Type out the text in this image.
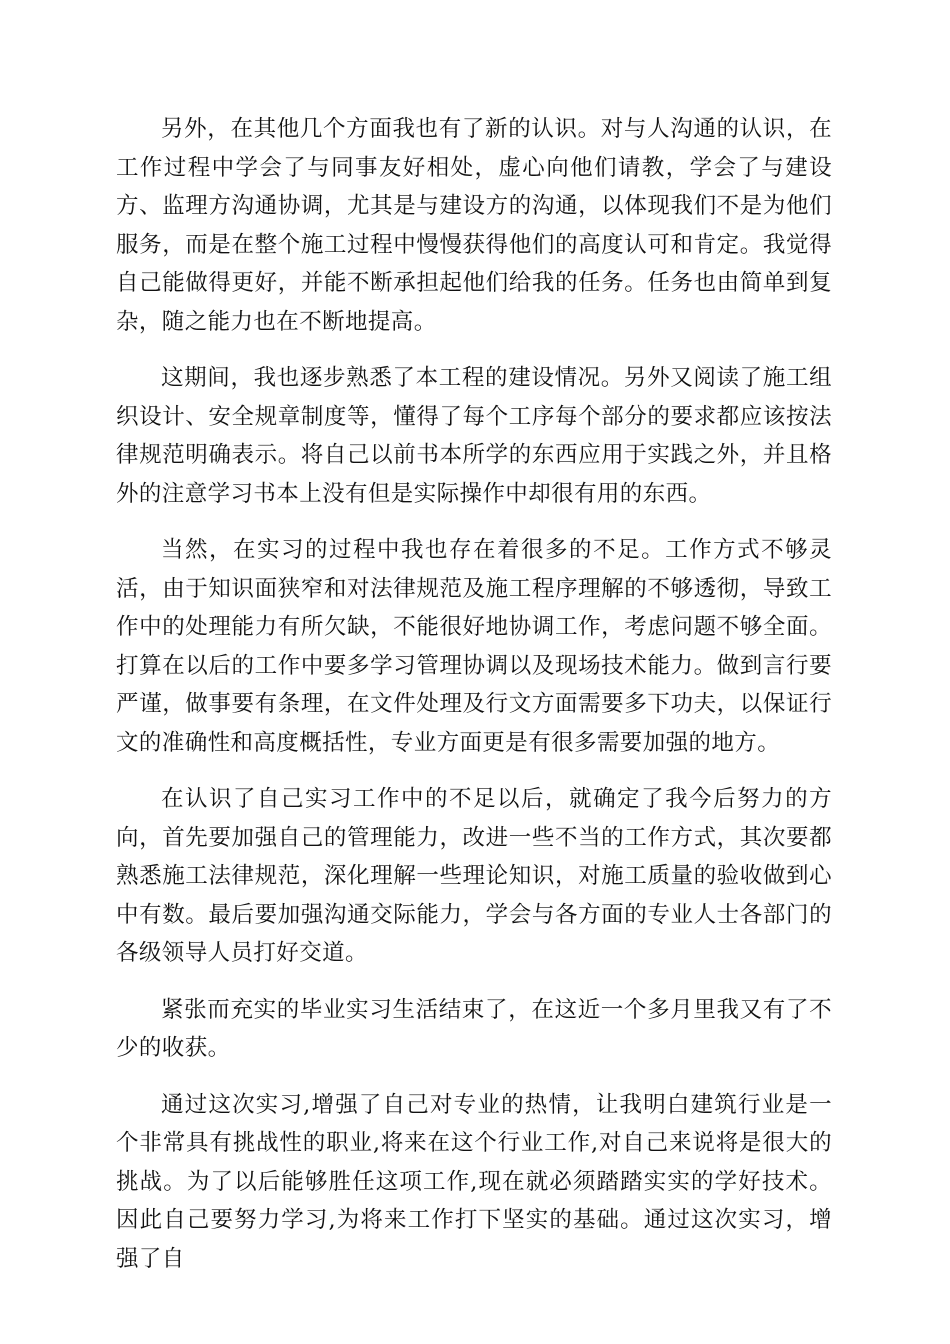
另外，在其他几个方面我也有了新的认识。对与人沟通的认识，在工作过程中学会了与同事友好相处，虚心向他们请教，学会了与建设方、监理方沟通协调，尤其是与建设方的沟通，以体现我们不是为他们服务，而是在整个施工过程中慢慢获得他们的高度认可和肯定。我觉得自己能做得更好，并能不断承担起他们给我的任务。任务也由简单到复杂，随之能力也在不断地提高。

这期间，我也逐步熟悉了本工程的建设情况。另外又阅读了施工组织设计、安全规章制度等，懂得了每个工序每个部分的要求都应该按法律规范明确表示。将自己以前书本所学的东西应用于实践之外，并且格外的注意学习书本上没有但是实际操作中却很有用的东西。

当然，在实习的过程中我也存在着很多的不足。工作方式不够灵活，由于知识面狭窄和对法律规范及施工程序理解的不够透彻，导致工作中的处理能力有所欠缺，不能很好地协调工作，考虑问题不够全面。打算在以后的工作中要多学习管理协调以及现场技术能力。做到言行要严谨，做事要有条理，在文件处理及行文方面需要多下功夫，以保证行文的准确性和高度概括性，专业方面更是有很多需要加强的地方。

在认识了自己实习工作中的不足以后，就确定了我今后努力的方向，首先要加强自己的管理能力，改进一些不当的工作方式，其次要都熟悉施工法律规范，深化理解一些理论知识，对施工质量的验收做到心中有数。最后要加强沟通交际能力，学会与各方面的专业人士各部门的各级领导人员打好交道。

紧张而充实的毕业实习生活结束了，在这近一个多月里我又有了不少的收获。

通过这次实习,增强了自己对专业的热情，让我明白建筑行业是一个非常具有挑战性的职业,将来在这个行业工作,对自己来说将是很大的挑战。为了以后能够胜任这项工作,现在就必须踏踏实实的学好技术。因此自己要努力学习,为将来工作打下坚实的基础。通过这次实习，增强了自
